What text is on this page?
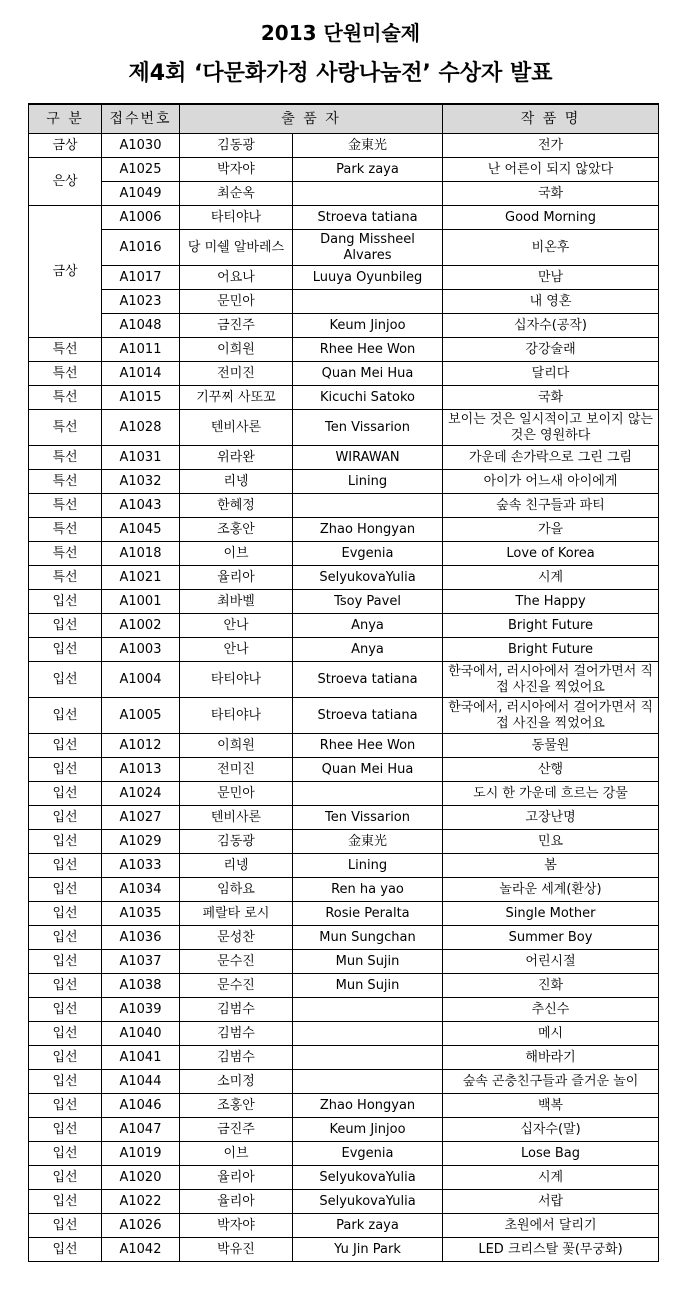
2013 단원미술제
제4회 ‘다문화가정 사랑나눔전’ 수상자 발표
구 분	접수번호	출 품 자		작 품 명
금상	A1030	김동광	金東光	전가
은상	A1025	박자야	Park zaya	난 어른이 되지 않았다
	A1049	최순옥		국화
금상	A1006	타티야나	Stroeva tatiana	Good Morning
	A1016	당 미쉘 알바레스	Dang Missheel Alvares	비온후
	A1017	어요나	Luuya Oyunbileg	만남
	A1023	문민아		내 영혼
	A1048	금진주	Keum Jinjoo	십자수(공작)
특선	A1011	이희원	Rhee Hee Won	강강술래
특선	A1014	전미진	Quan Mei Hua	달리다
특선	A1015	기꾸찌 사또꼬	Kicuchi Satoko	국화
특선	A1028	텐비사론	Ten Vissarion	보이는 것은 일시적이고 보이지 않는 것은 영원하다
특선	A1031	위라완	WIRAWAN	가운데 손가락으로 그린 그림
특선	A1032	리넹	Lining	아이가 어느새 아이에게
특선	A1043	한혜정		숲속 친구들과 파티
특선	A1045	조홍안	Zhao Hongyan	가을
특선	A1018	이브	Evgenia	Love of Korea
특선	A1021	율리아	SelyukovaYulia	시계
입선	A1001	최바벨	Tsoy Pavel	The Happy
입선	A1002	안나	Anya	Bright Future
입선	A1003	안나	Anya	Bright Future
입선	A1004	타티야나	Stroeva tatiana	한국에서, 러시아에서 걸어가면서 직접 사진을 찍었어요
입선	A1005	타티야나	Stroeva tatiana	한국에서, 러시아에서 걸어가면서 직접 사진을 찍었어요
입선	A1012	이희원	Rhee Hee Won	동물원
입선	A1013	전미진	Quan Mei Hua	산행
입선	A1024	문민아		도시 한 가운데 흐르는 강물
입선	A1027	텐비사론	Ten Vissarion	고장난명
입선	A1029	김동광	金東光	민요
입선	A1033	리넹	Lining	봄
입선	A1034	임하요	Ren ha yao	놀라운 세계(환상)
입선	A1035	페랄타 로시	Rosie Peralta	Single Mother
입선	A1036	문성찬	Mun Sungchan	Summer Boy
입선	A1037	문수진	Mun Sujin	어린시절
입선	A1038	문수진	Mun Sujin	진화
입선	A1039	김범수		추신수
입선	A1040	김범수		메시
입선	A1041	김범수		해바라기
입선	A1044	소미정		숲속 곤충친구들과 즐거운 놀이
입선	A1046	조홍안	Zhao Hongyan	백복
입선	A1047	금진주	Keum Jinjoo	십자수(말)
입선	A1019	이브	Evgenia	Lose Bag
입선	A1020	율리아	SelyukovaYulia	시계
입선	A1022	율리아	SelyukovaYulia	서랍
입선	A1026	박자야	Park zaya	초원에서 달리기
입선	A1042	박유진	Yu Jin Park	LED 크리스탈 꽃(무궁화)
